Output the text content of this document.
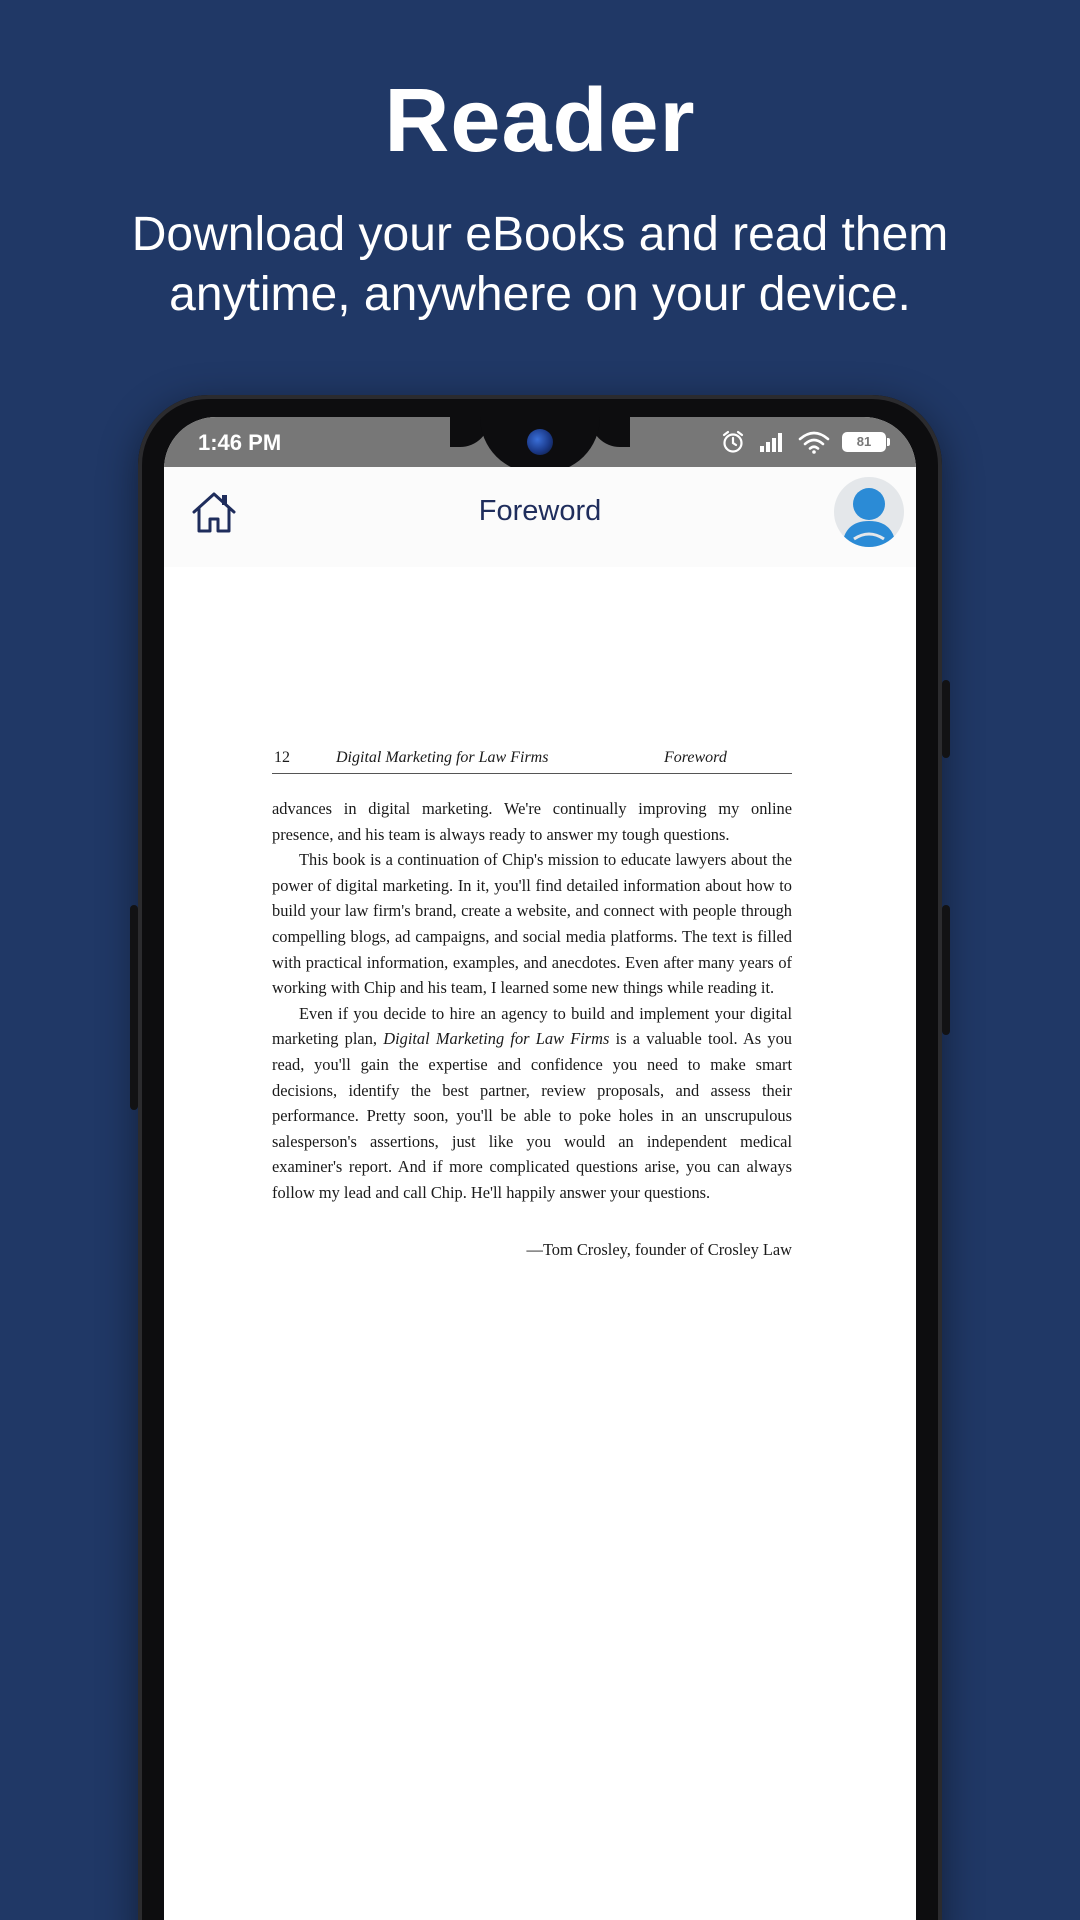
Reader
Download your eBooks and read them
anytime, anywhere on your device.
1:46 PM	81
Foreword
12	Digital Marketing for Law Firms	Foreword

advances in digital marketing. We're continually improving my online presence, and his team is always ready to answer my tough questions.

This book is a continuation of Chip's mission to educate lawyers about the power of digital marketing. In it, you'll find detailed information about how to build your law firm's brand, create a website, and connect with people through compelling blogs, ad campaigns, and social media platforms. The text is filled with practical information, examples, and anecdotes. Even after many years of working with Chip and his team, I learned some new things while reading it.

Even if you decide to hire an agency to build and implement your digital marketing plan, Digital Marketing for Law Firms is a valuable tool. As you read, you'll gain the expertise and confidence you need to make smart decisions, identify the best partner, review proposals, and assess their performance. Pretty soon, you'll be able to poke holes in an unscrupulous salesperson's assertions, just like you would an independent medical examiner's report. And if more complicated questions arise, you can always follow my lead and call Chip. He'll happily answer your questions.

—Tom Crosley, founder of Crosley Law
